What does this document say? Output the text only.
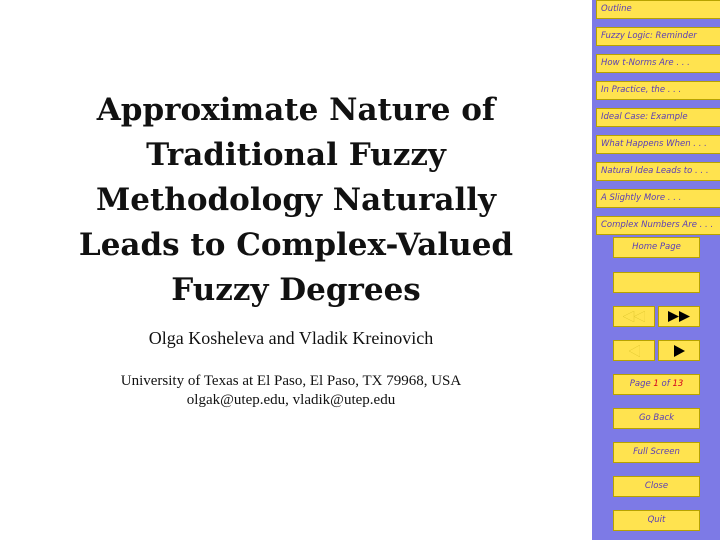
Approximate Nature of
Traditional Fuzzy
Methodology Naturally
Leads to Complex-Valued
Fuzzy Degrees
Olga Kosheleva and Vladik Kreinovich
University of Texas at El Paso, El Paso, TX 79968, USA
olgak@utep.edu, vladik@utep.edu
Outline
Fuzzy Logic: Reminder
How t-Norms Are . . .
In Practice, the . . .
Ideal Case: Example
What Happens When . . .
Natural Idea Leads to . . .
A Slightly More . . .
Complex Numbers Are . . .
Home Page
Title Page
Page 1 of 13
Go Back
Full Screen
Close
Quit
